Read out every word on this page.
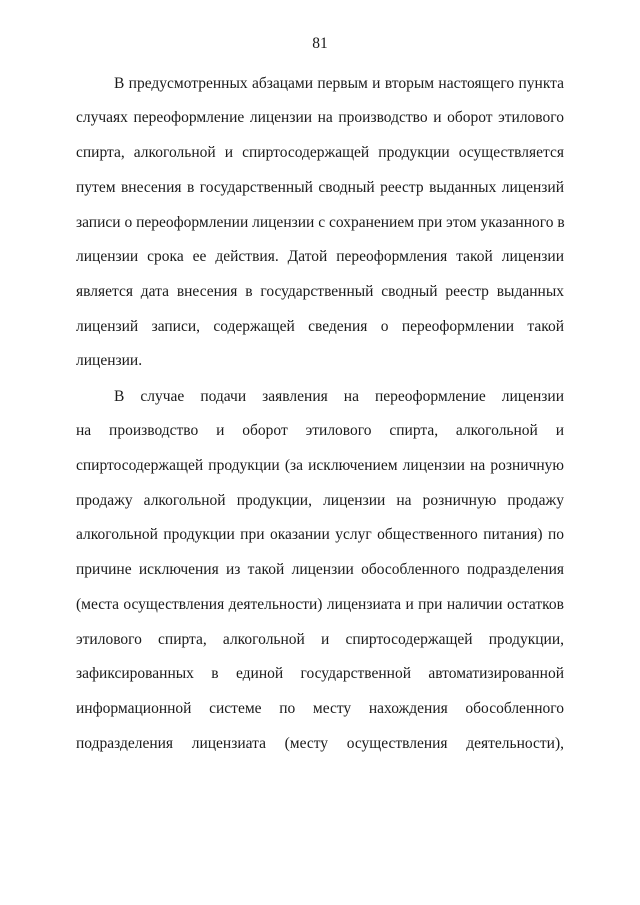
81
В предусмотренных абзацами первым и вторым настоящего пункта
случаях переоформление лицензии на производство и оборот этилового
спирта, алкогольной и спиртосодержащей продукции осуществляется
путем внесения в государственный сводный реестр выданных лицензий
записи о переоформлении лицензии с сохранением при этом указанного в
лицензии срока ее действия. Датой переоформления такой лицензии
является дата внесения в государственный сводный реестр выданных
лицензий записи, содержащей сведения о переоформлении такой
лицензии.
В случае подачи заявления на переоформление лицензии
на производство и оборот этилового спирта, алкогольной и
спиртосодержащей продукции (за исключением лицензии на розничную
продажу алкогольной продукции, лицензии на розничную продажу
алкогольной продукции при оказании услуг общественного питания) по
причине исключения из такой лицензии обособленного подразделения
(места осуществления деятельности) лицензиата и при наличии остатков
этилового спирта, алкогольной и спиртосодержащей продукции,
зафиксированных в единой государственной автоматизированной
информационной системе по месту нахождения обособленного
подразделения лицензиата (месту осуществления деятельности),
